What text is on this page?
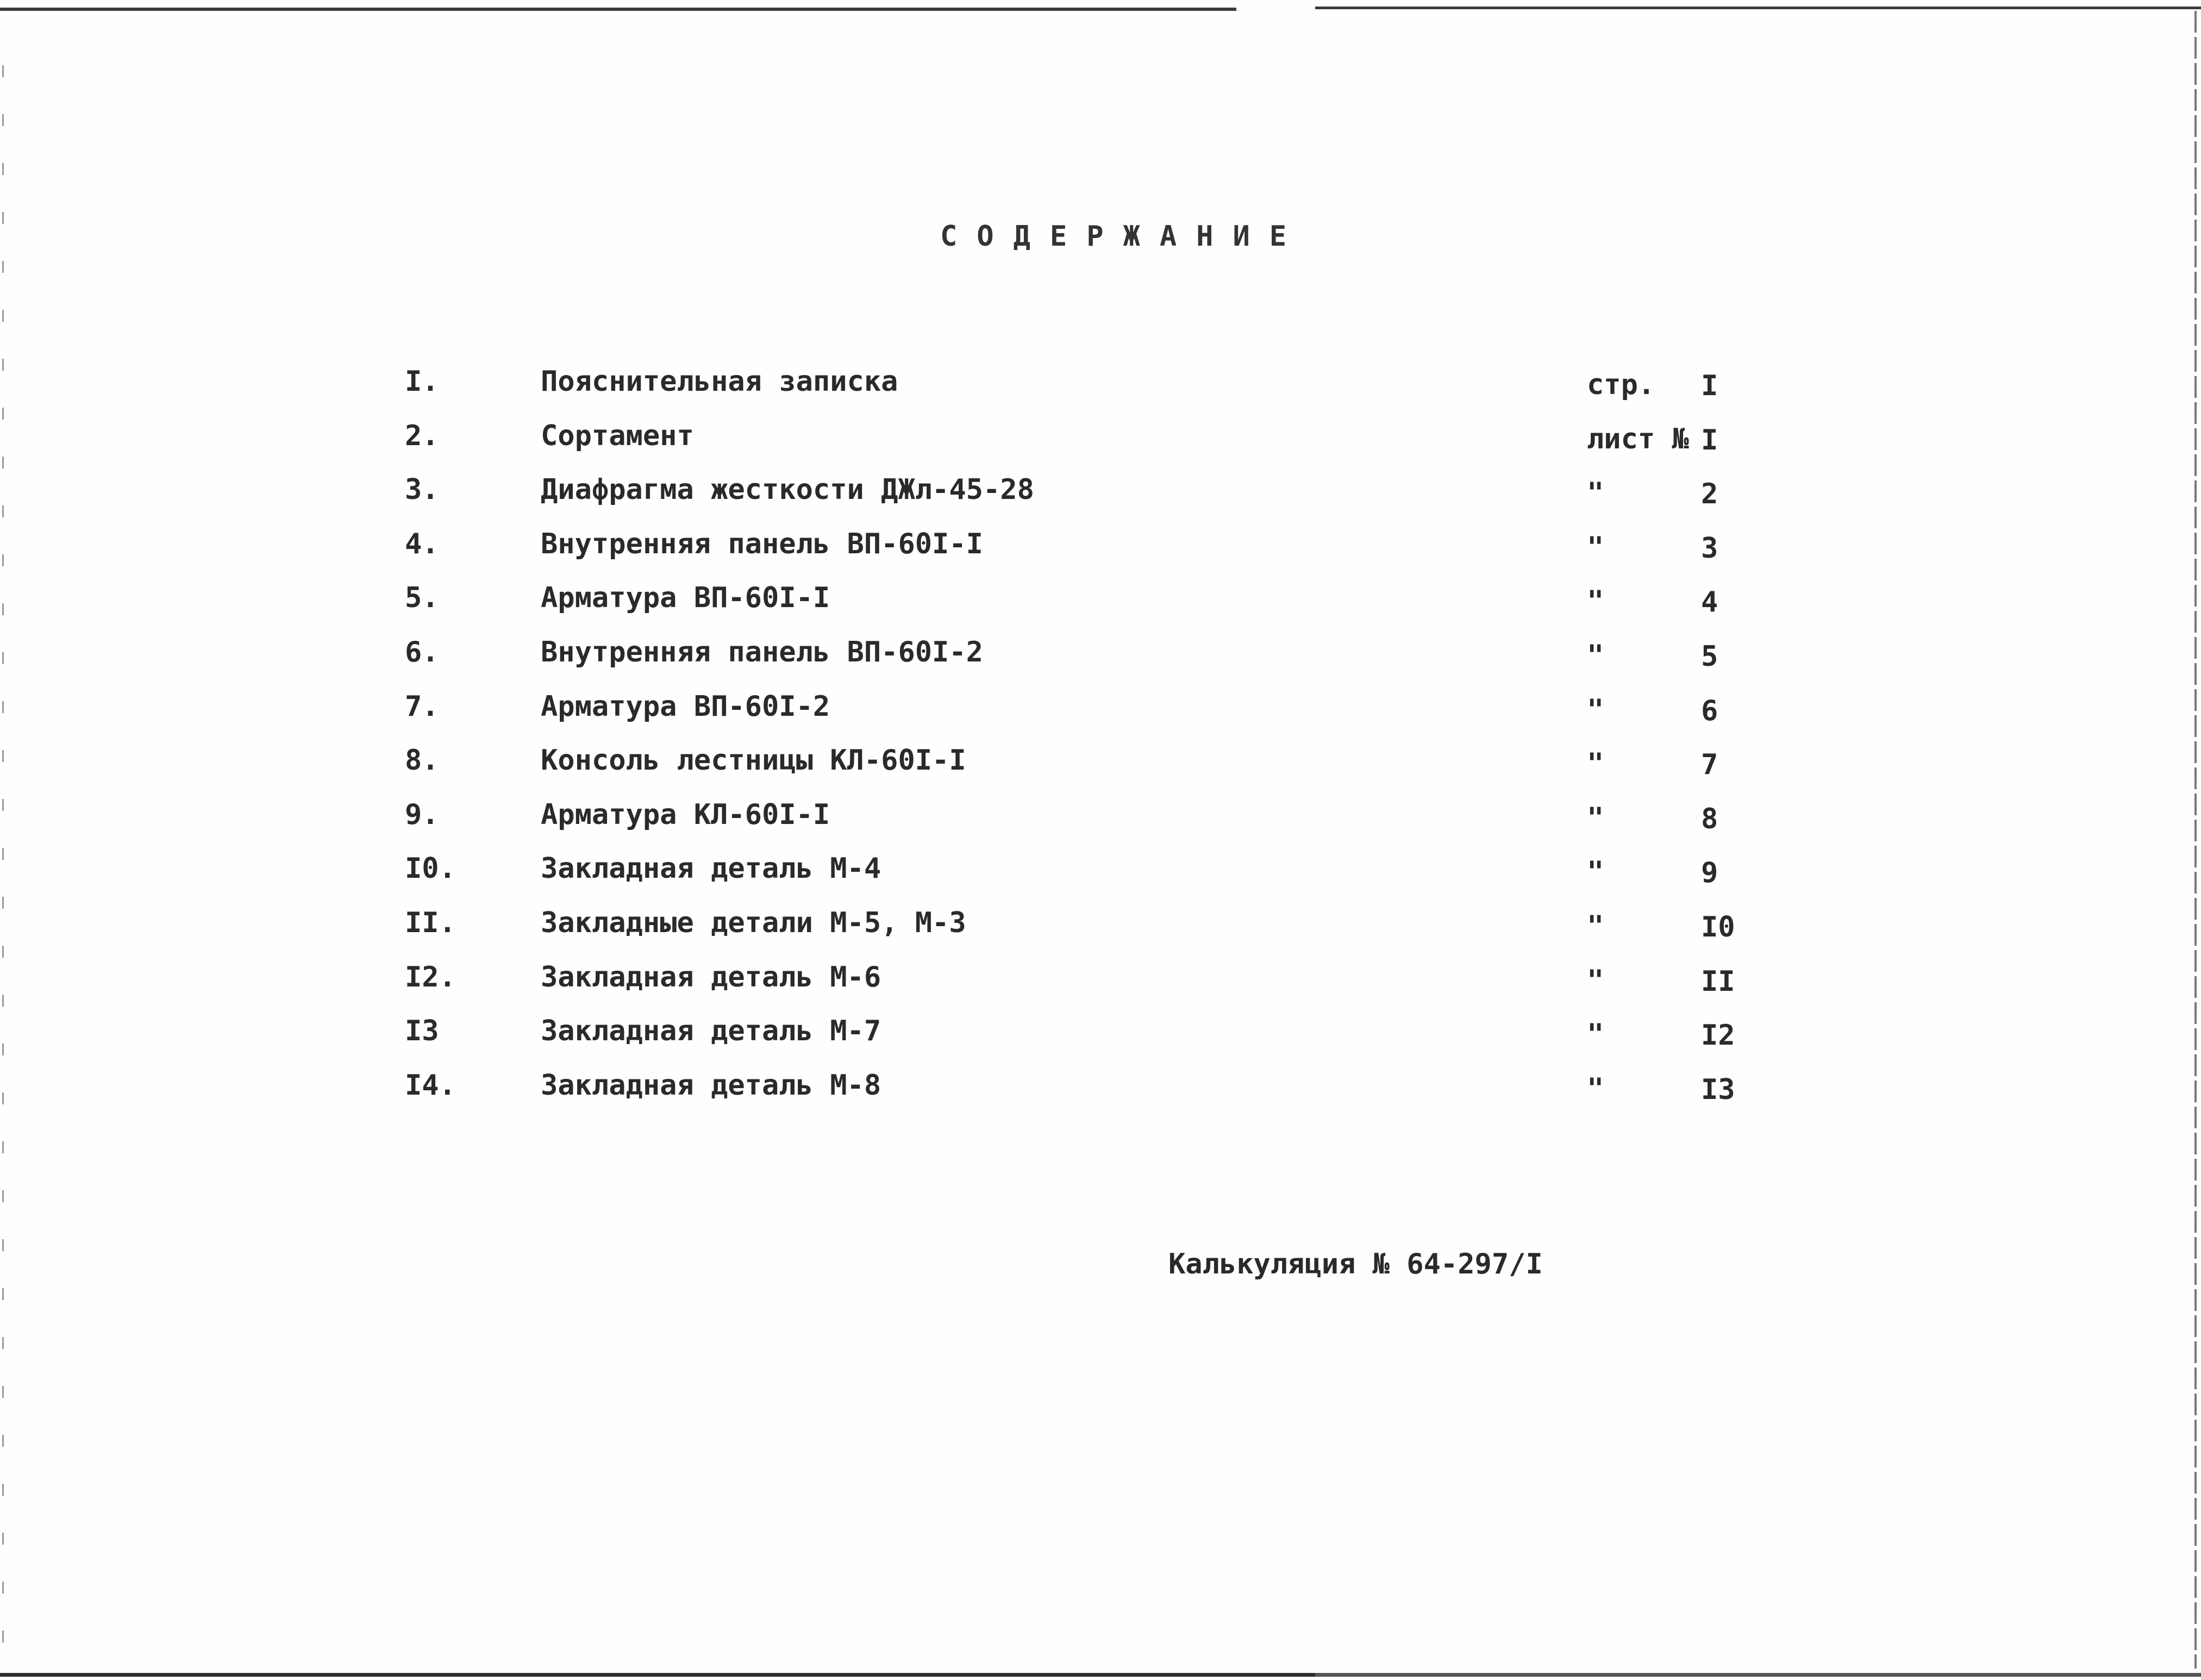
СОДЕРЖАНИЕ
I.	Пояснительная записка	стр. I
2.	Сортамент	лист № I
3.	Диафрагма жесткости ДЖл-45-28	"	2
4.	Внутренняя панель ВП-60I-I	"	3
5.	Арматура ВП-60I-I	"	4
6.	Внутренняя панель ВП-60I-2	"	5
7.	Арматура ВП-60I-2	"	6
8.	Консоль лестницы КЛ-60I-I	"	7
9.	Арматура КЛ-60I-I	"	8
I0.	Закладная деталь М-4	"	9
II.	Закладные детали М-5, М-3	"	I0
I2.	Закладная деталь М-6	"	II
I3	Закладная деталь М-7	"	I2
I4.	Закладная деталь М-8	"	I3
Калькуляция № 64-297/I
